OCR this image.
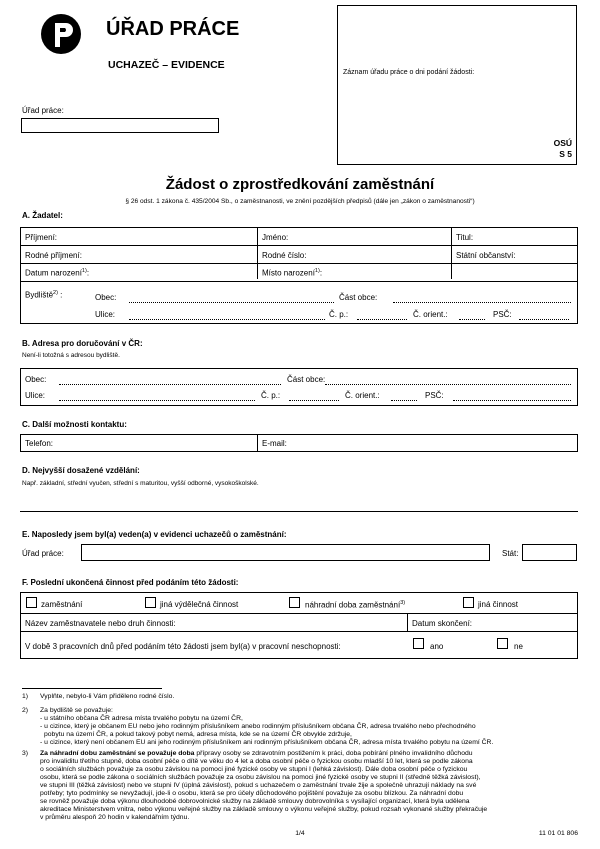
ÚŘAD PRÁCE
UCHAZEČ – EVIDENCE
Úřad práce:
Záznam úřadu práce o dni podání žádosti:
OSÚ
S 5
Žádost o zprostředkování zaměstnání
§ 26 odst. 1 zákona č. 435/2004 Sb., o zaměstnanosti, ve znění pozdějších předpisů (dále jen „zákon o zaměstnanosti“)
A. Žadatel:
Příjmení:	Jméno:	Titul:
Rodné příjmení:	Rodné číslo:	Státní občanství:
Datum narození$^{1)}$:	Místo narození$^{1)}$:
Bydliště$^{2)}$ :	Obec:	Část obce:
Ulice:	Č. p.:	Č. orient.:	PSČ:
B. Adresa pro doručování v ČR:
Není-li totožná s adresou bydliště.
Obec:	Část obce:
Ulice:	Č. p.:	Č. orient.:	PSČ:
C. Další možnosti kontaktu:
Telefon:	E-mail:
D. Nejvyšší dosažené vzdělání:
Např. základní, střední vyučen, střední s maturitou, vyšší odborné, vysokoškolské.
E. Naposledy jsem byl(a) veden(a) v evidenci uchazečů o zaměstnání:
Úřad práce:	Stát:
F. Poslední ukončená činnost před podáním této žádosti:
zaměstnání	jiná výdělečná činnost	náhradní doba zaměstnání$^{3)}$	jiná činnost
Název zaměstnavatele nebo druh činnosti:	Datum skončení:
V době 3 pracovních dnů před podáním této žádosti jsem byl(a) v pracovní neschopnosti:	ano	ne
1) Vyplňte, nebylo-li Vám přiděleno rodné číslo.
2) Za bydliště se považuje:
- u státního občana ČR adresa místa trvalého pobytu na území ČR,
- u cizince, který je občanem EU nebo jeho rodinným příslušníkem anebo rodinným příslušníkem občana ČR, adresa trvalého nebo přechodného
pobytu na území ČR, a pokud takový pobyt nemá, adresa místa, kde se na území ČR obvykle zdržuje,
- u cizince, který není občanem EU ani jeho rodinným příslušníkem ani rodinným příslušníkem občana ČR, adresa místa trvalého pobytu na území ČR.
3) Za náhradní dobu zaměstnání se považuje doba přípravy osoby se zdravotním postižením k práci, doba pobírání plného invalidního důchodu
pro invaliditu třetího stupně, doba osobní péče o dítě ve věku do 4 let a doba osobní péče o fyzickou osobu mladší 10 let, která se podle zákona
o sociálních službách považuje za osobu závislou na pomoci jiné fyzické osoby ve stupni I (lehká závislost). Dále doba osobní péče o fyzickou
osobu, která se podle zákona o sociálních službách považuje za osobu závislou na pomoci jiné fyzické osoby ve stupni II (středně těžká závislost),
ve stupni III (těžká závislost) nebo ve stupni IV (úplná závislost), pokud s uchazečem o zaměstnání trvale žije a společně uhrazují náklady na své
potřeby; tyto podmínky se nevyžadují, jde-li o osobu, která se pro účely důchodového pojištění považuje za osobu blízkou. Za náhradní dobu
se rovněž považuje doba výkonu dlouhodobé dobrovolnické služby na základě smlouvy dobrovolníka s vysílající organizací, která byla udělena
akreditace Ministerstvem vnitra, nebo výkonu veřejné služby na základě smlouvy o výkonu veřejné služby, pokud rozsah vykonané služby překračuje
v průměru alespoň 20 hodin v kalendářním týdnu.
1/4	11 01 01 806
